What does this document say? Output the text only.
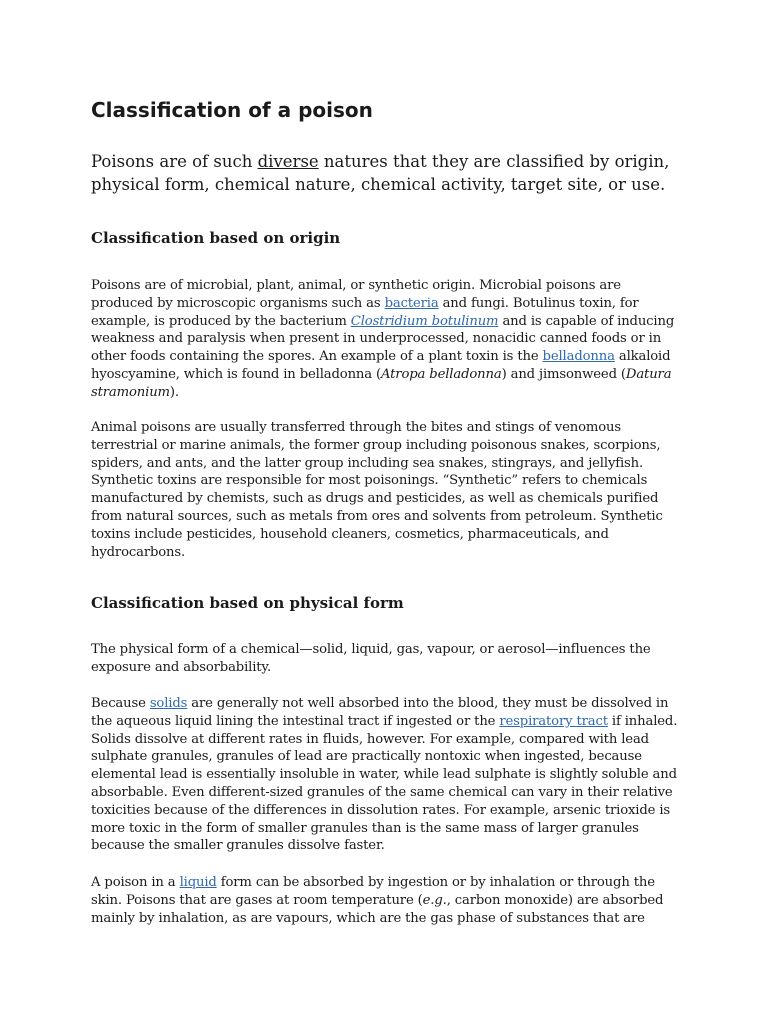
Classification of a poison

Poisons are of such diverse natures that they are classified by origin, physical form, chemical nature, chemical activity, target site, or use.

Classification based on origin

Poisons are of microbial, plant, animal, or synthetic origin. Microbial poisons are produced by microscopic organisms such as bacteria and fungi. Botulinus toxin, for example, is produced by the bacterium Clostridium botulinum and is capable of inducing weakness and paralysis when present in underprocessed, nonacidic canned foods or in other foods containing the spores. An example of a plant toxin is the belladonna alkaloid hyoscyamine, which is found in belladonna (Atropa belladonna) and jimsonweed (Datura stramonium).

Animal poisons are usually transferred through the bites and stings of venomous terrestrial or marine animals, the former group including poisonous snakes, scorpions, spiders, and ants, and the latter group including sea snakes, stingrays, and jellyfish. Synthetic toxins are responsible for most poisonings. “Synthetic” refers to chemicals manufactured by chemists, such as drugs and pesticides, as well as chemicals purified from natural sources, such as metals from ores and solvents from petroleum. Synthetic toxins include pesticides, household cleaners, cosmetics, pharmaceuticals, and hydrocarbons.

Classification based on physical form

The physical form of a chemical—solid, liquid, gas, vapour, or aerosol—influences the exposure and absorbability.

Because solids are generally not well absorbed into the blood, they must be dissolved in the aqueous liquid lining the intestinal tract if ingested or the respiratory tract if inhaled. Solids dissolve at different rates in fluids, however. For example, compared with lead sulphate granules, granules of lead are practically nontoxic when ingested, because elemental lead is essentially insoluble in water, while lead sulphate is slightly soluble and absorbable. Even different-sized granules of the same chemical can vary in their relative toxicities because of the differences in dissolution rates. For example, arsenic trioxide is more toxic in the form of smaller granules than is the same mass of larger granules because the smaller granules dissolve faster.

A poison in a liquid form can be absorbed by ingestion or by inhalation or through the skin. Poisons that are gases at room temperature (e.g., carbon monoxide) are absorbed mainly by inhalation, as are vapours, which are the gas phase of substances that are
